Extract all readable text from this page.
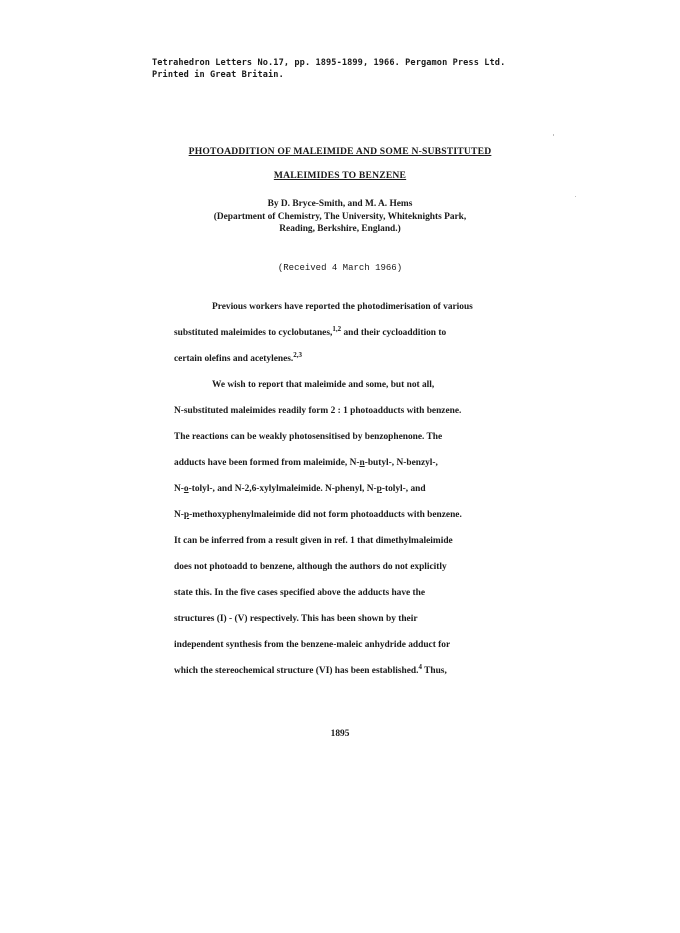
Tetrahedron Letters No.17, pp. 1895-1899, 1966. Pergamon Press Ltd.
Printed in Great Britain.
PHOTOADDITION OF MALEIMIDE AND SOME N-SUBSTITUTED
MALEIMIDES TO BENZENE
By D. Bryce-Smith, and M. A. Hems
(Department of Chemistry, The University, Whiteknights Park,
Reading, Berkshire, England.)
(Received 4 March 1966)
Previous workers have reported the photodimerisation of various
substituted maleimides to cyclobutanes,$^{1,2}$ and their cycloaddition to
certain olefins and acetylenes.$^{2,3}$
We wish to report that maleimide and some, but not all,
N-substituted maleimides readily form 2 : 1 photoadducts with benzene.
The reactions can be weakly photosensitised by benzophenone. The
adducts have been formed from maleimide, N-n-butyl-, N-benzyl-,
N-o-tolyl-, and N-2,6-xylylmaleimide. N-phenyl, N-p-tolyl-, and
N-p-methoxyphenylmaleimide did not form photoadducts with benzene.
It can be inferred from a result given in ref. 1 that dimethylmaleimide
does not photoadd to benzene, although the authors do not explicitly
state this. In the five cases specified above the adducts have the
structures (I) - (V) respectively. This has been shown by their
independent synthesis from the benzene-maleic anhydride adduct for
which the stereochemical structure (VI) has been established.$^4$ Thus,
1895
